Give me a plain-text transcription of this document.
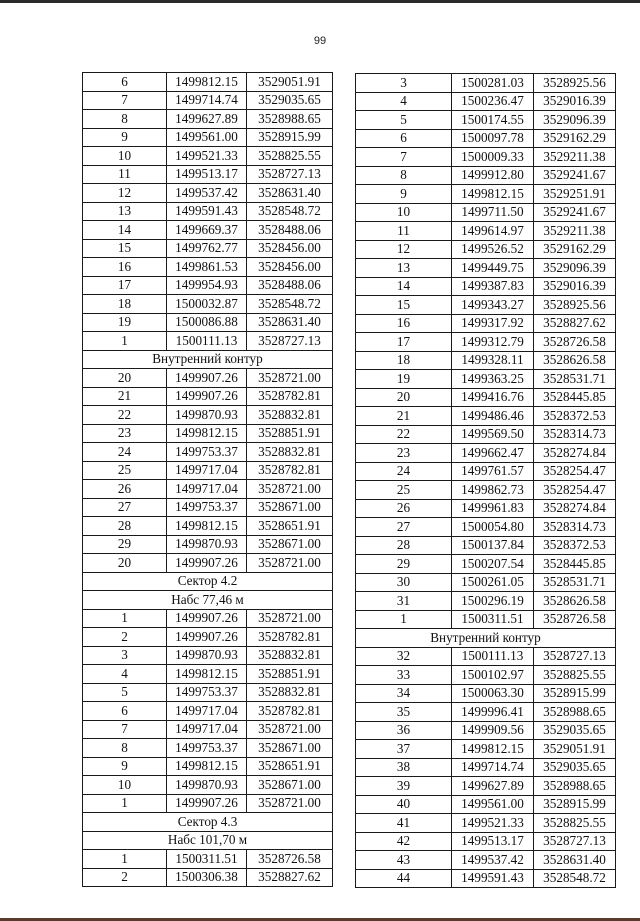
99
6	1499812.15	3529051.91
7	1499714.74	3529035.65
8	1499627.89	3528988.65
9	1499561.00	3528915.99
10	1499521.33	3528825.55
11	1499513.17	3528727.13
12	1499537.42	3528631.40
13	1499591.43	3528548.72
14	1499669.37	3528488.06
15	1499762.77	3528456.00
16	1499861.53	3528456.00
17	1499954.93	3528488.06
18	1500032.87	3528548.72
19	1500086.88	3528631.40
1	1500111.13	3528727.13
Внутренний контур		
20	1499907.26	3528721.00
21	1499907.26	3528782.81
22	1499870.93	3528832.81
23	1499812.15	3528851.91
24	1499753.37	3528832.81
25	1499717.04	3528782.81
26	1499717.04	3528721.00
27	1499753.37	3528671.00
28	1499812.15	3528651.91
29	1499870.93	3528671.00
20	1499907.26	3528721.00
Сектор 4.2		
Набс 77,46 м		
1	1499907.26	3528721.00
2	1499907.26	3528782.81
3	1499870.93	3528832.81
4	1499812.15	3528851.91
5	1499753.37	3528832.81
6	1499717.04	3528782.81
7	1499717.04	3528721.00
8	1499753.37	3528671.00
9	1499812.15	3528651.91
10	1499870.93	3528671.00
1	1499907.26	3528721.00
Сектор 4.3		
Набс 101,70 м		
1	1500311.51	3528726.58
2	1500306.38	3528827.62
3	1500281.03	3528925.56
4	1500236.47	3529016.39
5	1500174.55	3529096.39
6	1500097.78	3529162.29
7	1500009.33	3529211.38
8	1499912.80	3529241.67
9	1499812.15	3529251.91
10	1499711.50	3529241.67
11	1499614.97	3529211.38
12	1499526.52	3529162.29
13	1499449.75	3529096.39
14	1499387.83	3529016.39
15	1499343.27	3528925.56
16	1499317.92	3528827.62
17	1499312.79	3528726.58
18	1499328.11	3528626.58
19	1499363.25	3528531.71
20	1499416.76	3528445.85
21	1499486.46	3528372.53
22	1499569.50	3528314.73
23	1499662.47	3528274.84
24	1499761.57	3528254.47
25	1499862.73	3528254.47
26	1499961.83	3528274.84
27	1500054.80	3528314.73
28	1500137.84	3528372.53
29	1500207.54	3528445.85
30	1500261.05	3528531.71
31	1500296.19	3528626.58
1	1500311.51	3528726.58
Внутренний контур		
32	1500111.13	3528727.13
33	1500102.97	3528825.55
34	1500063.30	3528915.99
35	1499996.41	3528988.65
36	1499909.56	3529035.65
37	1499812.15	3529051.91
38	1499714.74	3529035.65
39	1499627.89	3528988.65
40	1499561.00	3528915.99
41	1499521.33	3528825.55
42	1499513.17	3528727.13
43	1499537.42	3528631.40
44	1499591.43	3528548.72
